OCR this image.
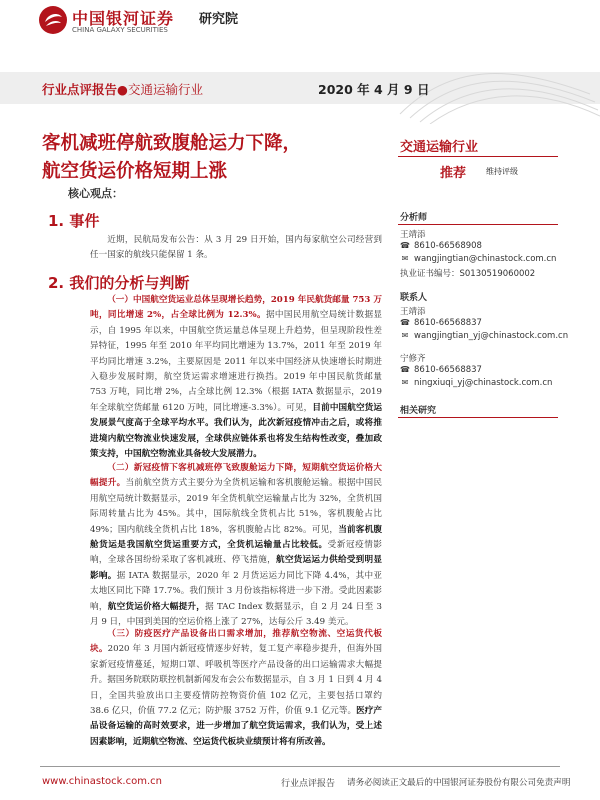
中国银河证券
CHINA GALAXY SECURITIES
研究院
行业点评报告●交通运输行业	2020 年 4 月 9 日
客机减班停航致腹舱运力下降，
航空货运价格短期上涨
核心观点：
1. 事件
近期，民航局发布公告：从 3 月 29 日开始，国内每家航空公司经营到任一国家的航线只能保留 1 条。
2. 我们的分析与判断
（一）中国航空货运业总体呈现增长趋势，2019 年民航货邮量 753 万吨，同比增速 2%，占全球比例为 12.3%。据中国民用航空局统计数据显示，自 1995 年以来，中国航空货运量总体呈现上升趋势，但呈现阶段性差异特征，1995 年至 2010 年平均同比增速为 13.7%，2011 年至 2019 年平均同比增速 3.2%，主要原因是 2011 年以来中国经济从快速增长时期进入稳步发展时期，航空货运需求增速进行换挡。2019 年中国民航货邮量 753 万吨，同比增 2%，占全球比例 12.3%（根据 IATA 数据显示，2019 年全球航空货邮量 6120 万吨，同比增速-3.3%）。可见，目前中国航空货运发展景气度高于全球平均水平。我们认为，此次新冠疫情冲击之后，或将推进境内航空物流业快速发展，全球供应链体系也将发生结构性改变，叠加政策支持，中国航空物流业具备较大发展潜力。
（二）新冠疫情下客机减班停飞致腹舱运力下降，短期航空货运价格大幅提升。当前航空货方式主要分为全货机运输和客机腹舱运输。根据中国民用航空局统计数据显示，2019 年全货机航空运输量占比为 32%，全货机国际周转量占比为 45%。其中，国际航线全货机占比 51%，客机腹舱占比 49%；国内航线全货机占比 18%，客机腹舱占比 82%。可见，当前客机腹舱货运是我国航空货运重要方式，全货机运输量占比较低。受新冠疫情影响，全球各国纷纷采取了客机减班、停飞措施，航空货运运力供给受到明显影响。据 IATA 数据显示，2020 年 2 月货运运力同比下降 4.4%，其中亚太地区同比下降 17.7%。我们预计 3 月份该指标将进一步下滑。受此因素影响，航空货运价格大幅提升，据 TAC Index 数据显示，自 2 月 24 日至 3 月 9 日，中国到美国的空运价格上涨了 27%，达每公斤 3.49 美元。
（三）防疫医疗产品设备出口需求增加，推荐航空物流、空运货代板块。2020 年 3 月国内新冠疫情逐步好转，复工复产率稳步提升，但海外国家新冠疫情蔓延，短期口罩、呼吸机等医疗产品设备的出口运输需求大幅提升。据国务院联防联控机制新闻发布会公布数据显示，自 3 月 1 日到 4 月 4 日，全国共验放出口主要疫情防控物资价值 102 亿元，主要包括口罩约 38.6 亿只，价值 77.2 亿元；防护服 3752 万件，价值 9.1 亿元等。医疗产品设备运输的高时效要求，进一步增加了航空货运需求，我们认为，受上述因素影响，近期航空物流、空运货代板块业绩预计将有所改善。
交通运输行业
推荐 维持评级
分析师
王靖添
☎ 8610-66568908
✉ wangjingtian@chinastock.com.cn
执业证书编号：S0130519060002
联系人
王靖添
☎ 8610-66568837
✉ wangjingtian_yj@chinastock.com.cn
宁修齐
☎ 8610-66568837
✉ ningxiuqi_yj@chinastock.com.cn
相关研究
www.chinastock.com.cn	行业点评报告 请务必阅读正文最后的中国银河证券股份有限公司免责声明
